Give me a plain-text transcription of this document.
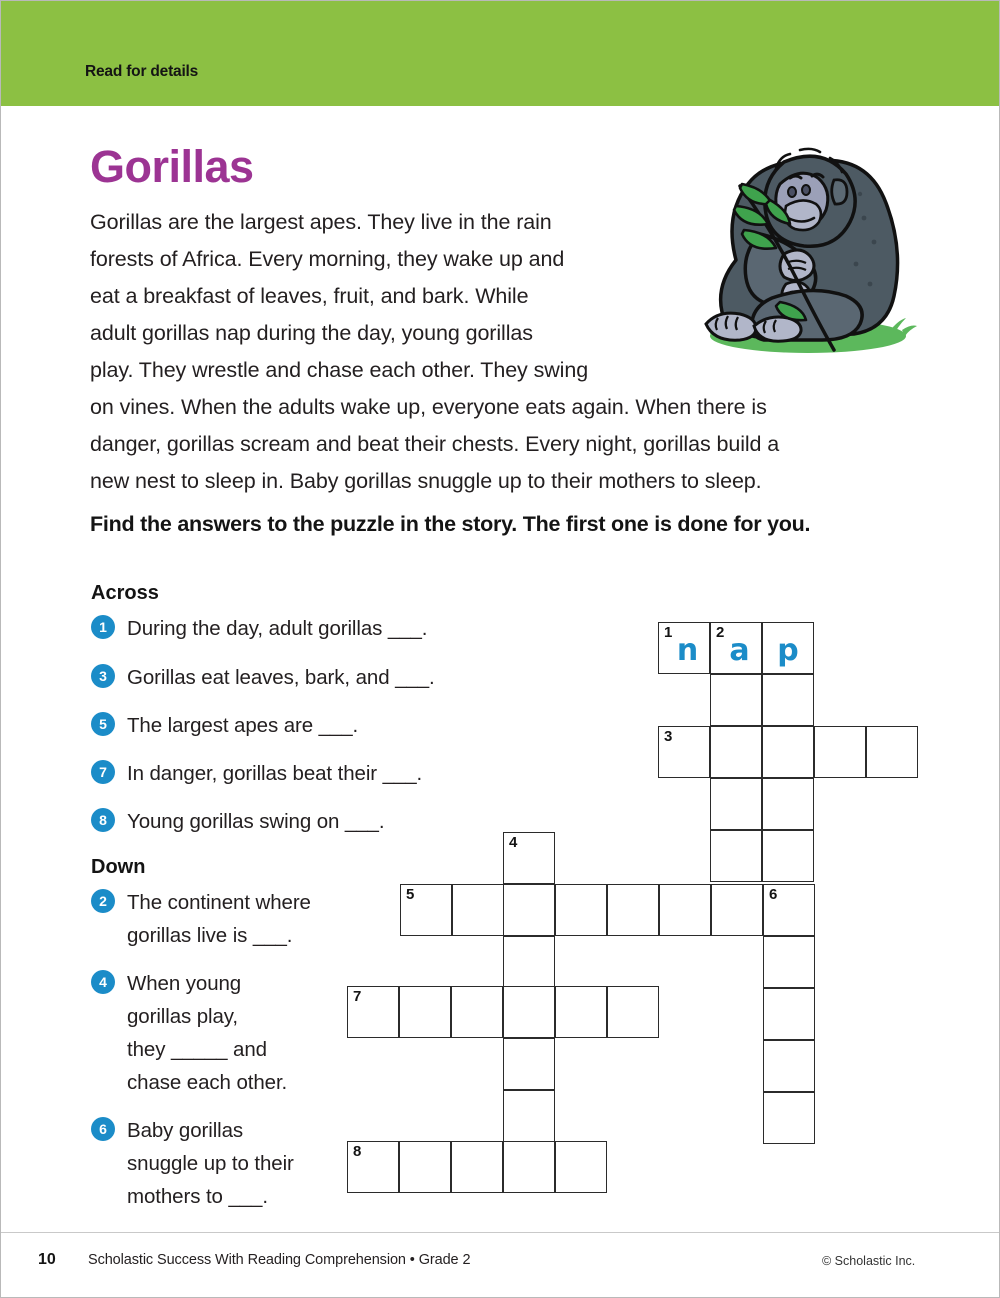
Read for details
Gorillas
Gorillas are the largest apes. They live in the rain
forests of Africa. Every morning, they wake up and
eat a breakfast of leaves, fruit, and bark. While
adult gorillas nap during the day, young gorillas
play. They wrestle and chase each other. They swing
on vines. When the adults wake up, everyone eats again. When there is
danger, gorillas scream and beat their chests. Every night, gorillas build a
new nest to sleep in. Baby gorillas snuggle up to their mothers to sleep.
Find the answers to the puzzle in the story. The first one is done for you.
Across
1 During the day, adult gorillas ___.
3 Gorillas eat leaves, bark, and ___.
5 The largest apes are ___.
7 In danger, gorillas beat their ___.
8 Young gorillas swing on ___.
Down
2 The continent where
gorillas live is ___.
4 When young
gorillas play,
they _____ and
chase each other.
6 Baby gorillas
snuggle up to their
mothers to ___.
1
n
2
a p
3
4
5	6
7
8
10 Scholastic Success With Reading Comprehension • Grade 2	© Scholastic Inc.
